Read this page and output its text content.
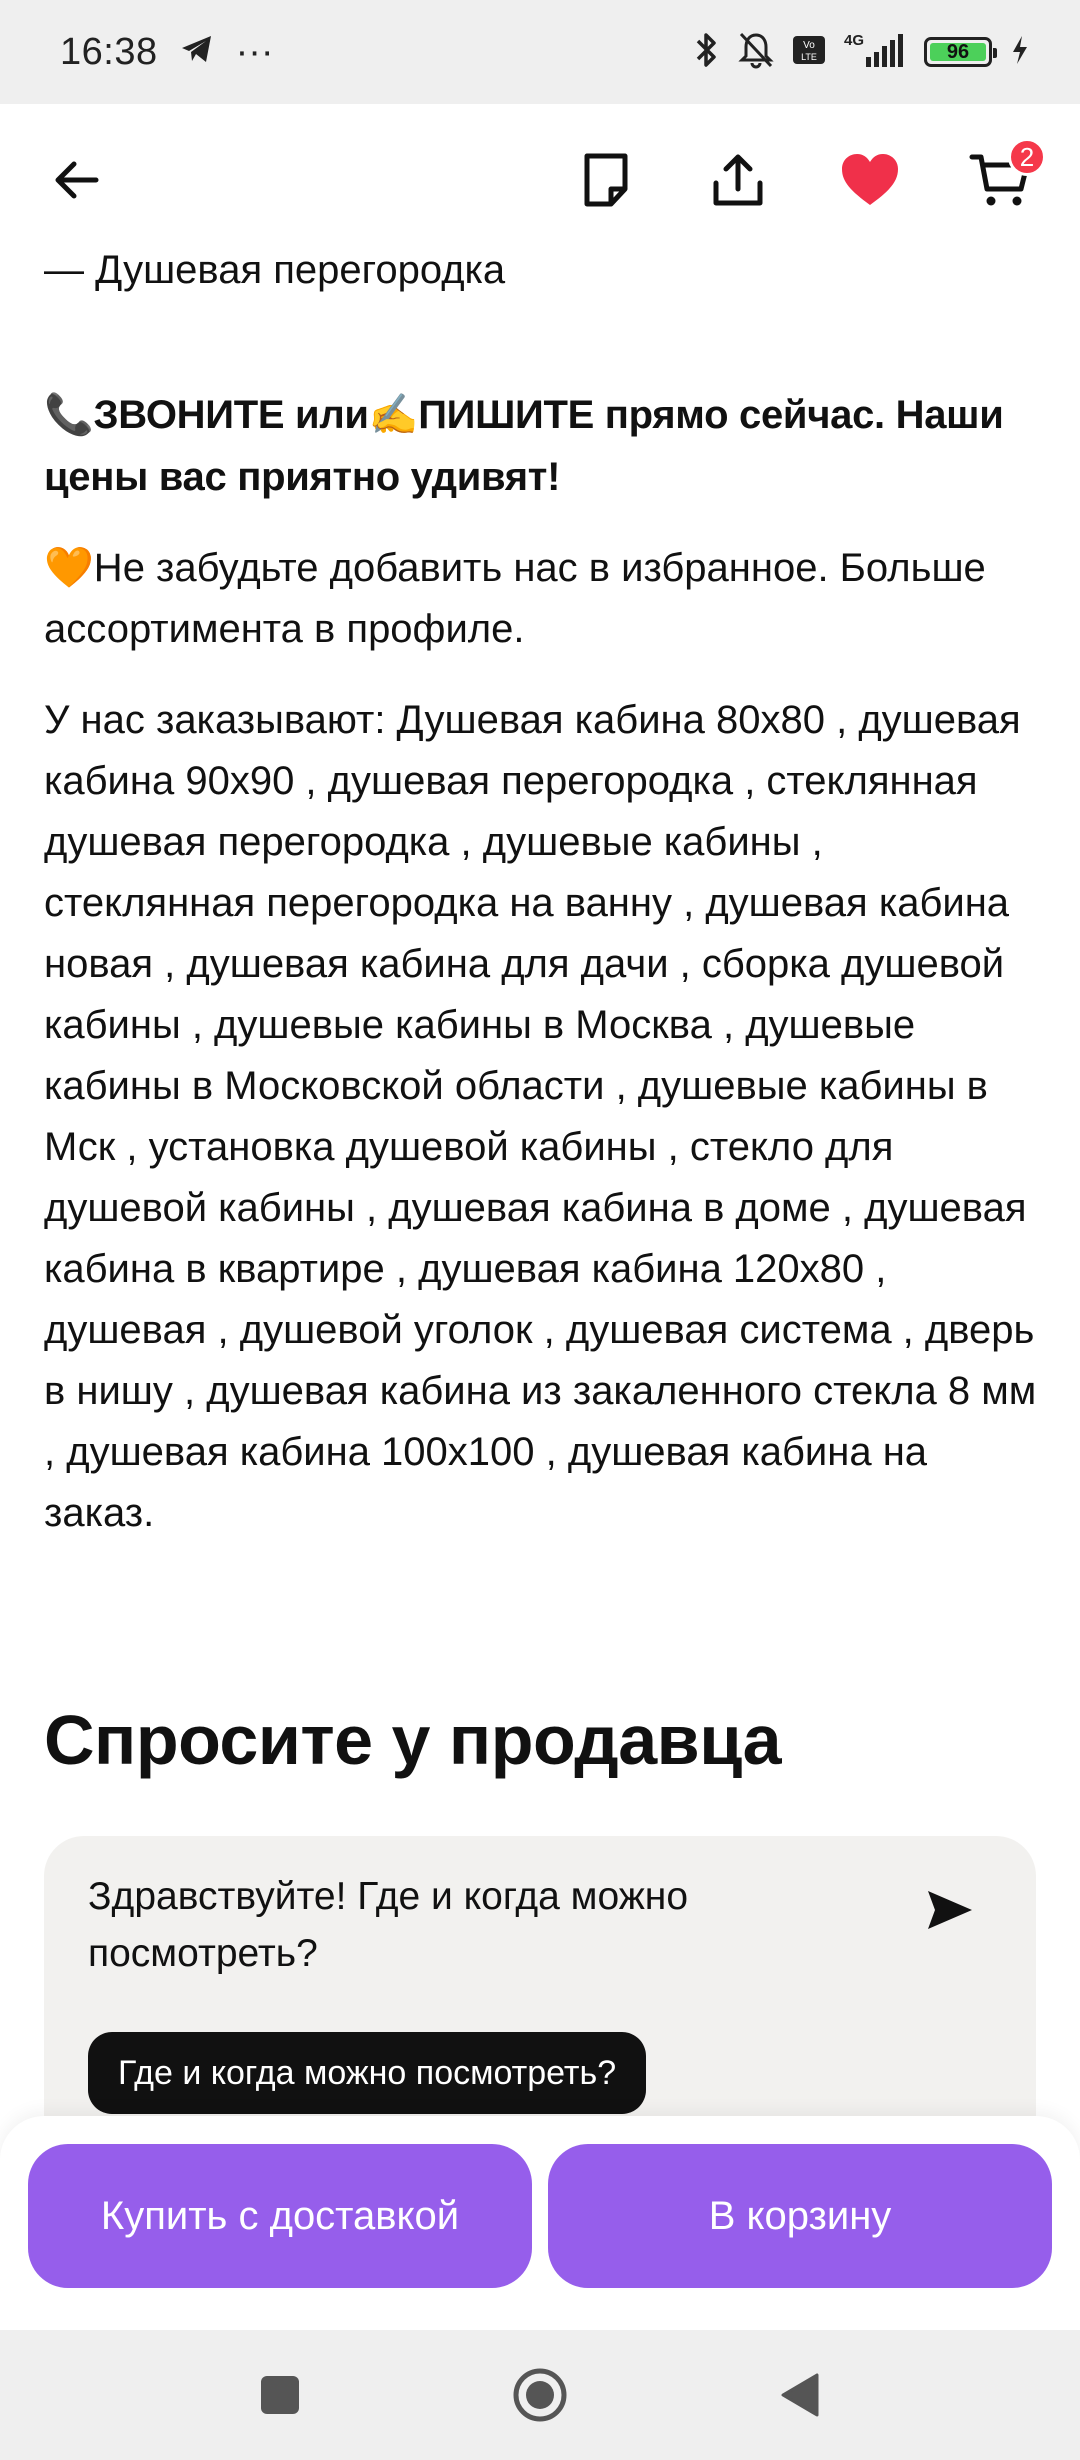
16:38 ···	Vo
LTE
4G
96
2
— Душевая перегородка
📞ЗВОНИТЕ или✍️ПИШИТЕ прямо сейчас. Наши цены вас приятно удивят!
🧡Не забудьте добавить нас в избранное. Больше ассортимента в профиле.
У нас заказывают: Душевая кабина 80х80 , душевая кабина 90х90 , душевая перегородка , стеклянная душевая перегородка , душевые кабины , стеклянная перегородка на ванну , душевая кабина новая , душевая кабина для дачи , сборка душевой кабины , душевые кабины в Москва , душевые кабины в Московской области , душевые кабины в Мск , установка душевой кабины , стекло для душевой кабины , душевая кабина в доме , душевая кабина в квартире , душевая кабина 120х80 , душевая , душевой уголок , душевая система , дверь в нишу , душевая кабина из закаленного стекла 8 мм , душевая кабина 100х100 , душевая кабина на заказ.
Спросите у продавца
Здравствуйте! Где и когда можно посмотреть?
Где и когда можно посмотреть?
Купить с доставкой	В корзину
